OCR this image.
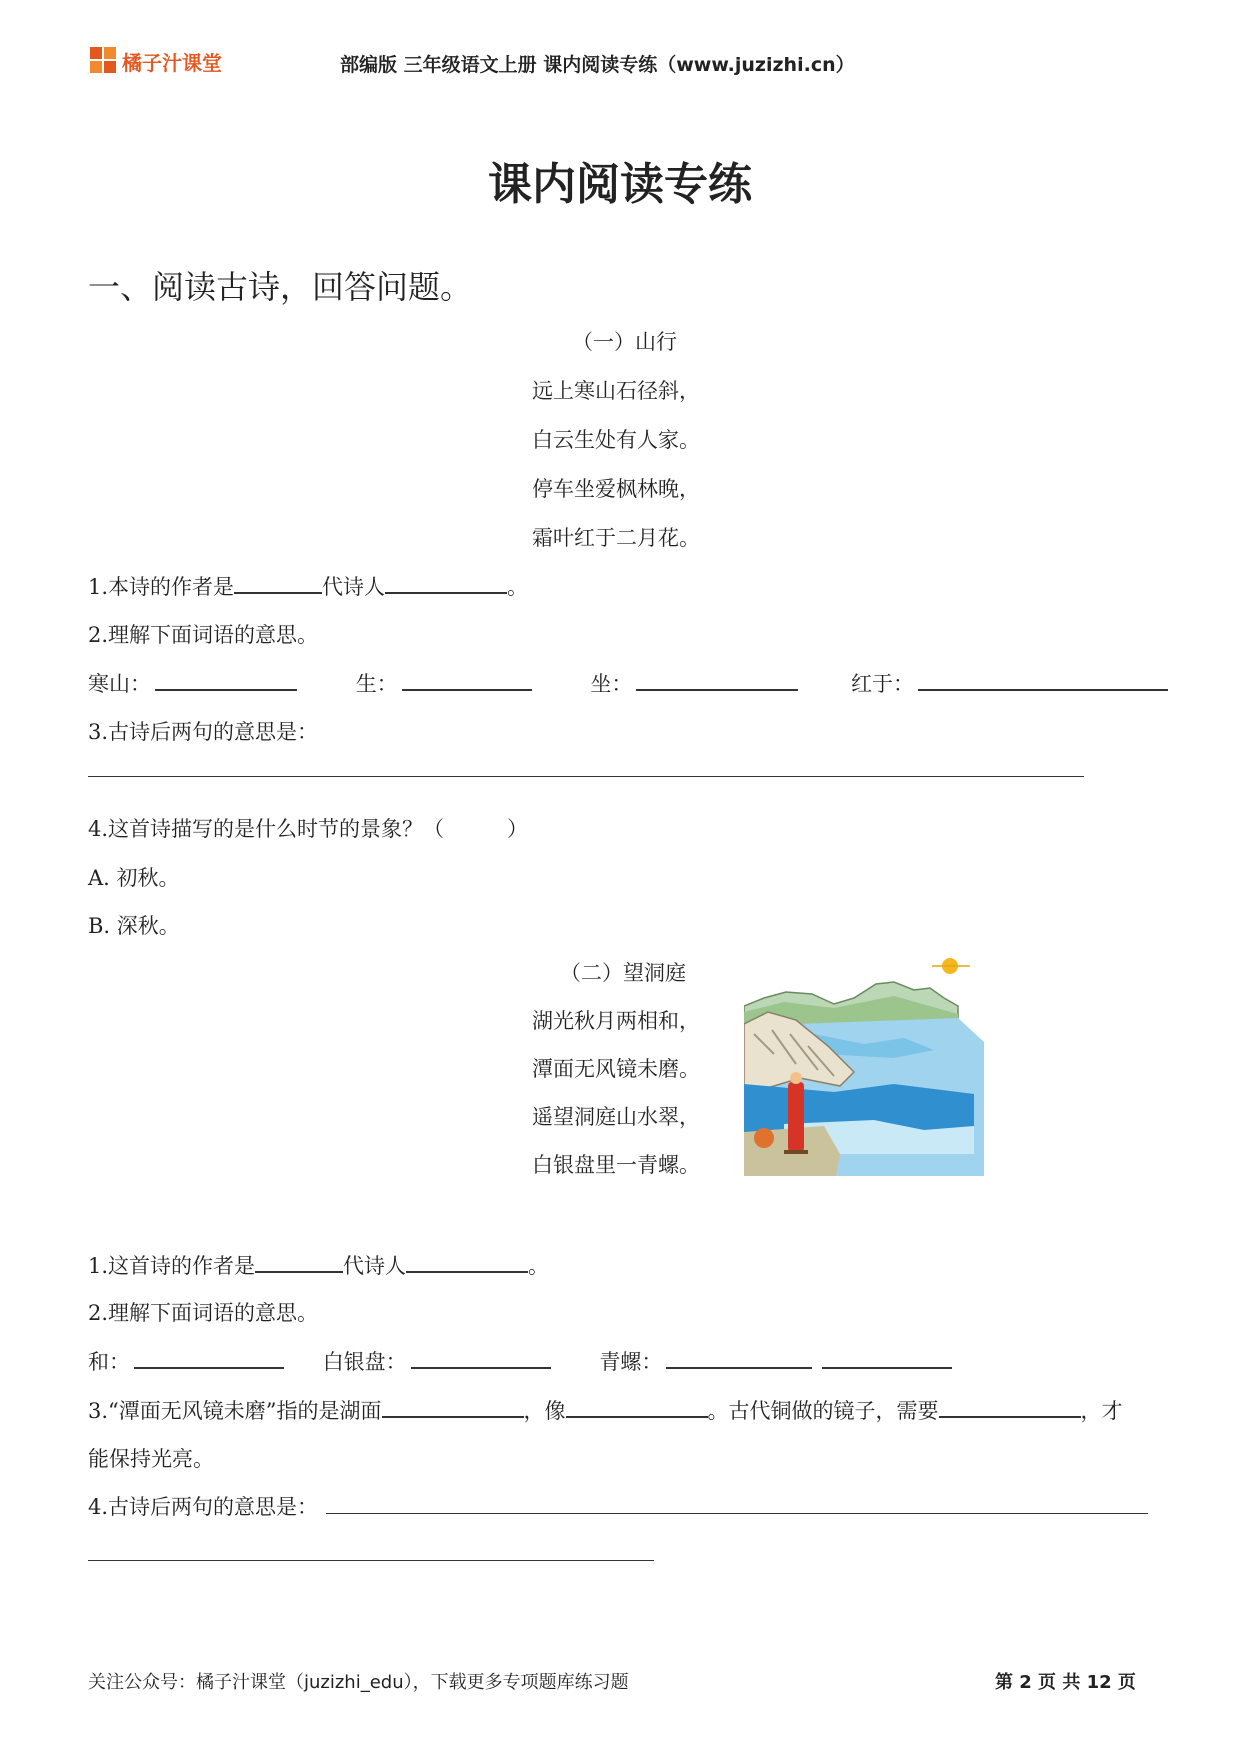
橘子汁课堂	部编版 三年级语文上册 课内阅读专练（www.juzizhi.cn）
课内阅读专练
一、阅读古诗，回答问题。
（一）山行
远上寒山石径斜，
白云生处有人家。
停车坐爱枫林晚，
霜叶红于二月花。
1.本诗的作者是	代诗人	。
2.理解下面词语的意思。
寒山：	生：	坐：	红于：
3.古诗后两句的意思是：
4.这首诗描写的是什么时节的景象？（　　　）
A. 初秋。
B. 深秋。
（二）望洞庭
湖光秋月两相和，
潭面无风镜未磨。
遥望洞庭山水翠，
白银盘里一青螺。
1.这首诗的作者是	代诗人	。
2.理解下面词语的意思。
和：	白银盘：	青螺：
3.“潭面无风镜未磨”指的是湖面	，像	。古代铜做的镜子，需要	，才
能保持光亮。
4.古诗后两句的意思是：
关注公众号：橘子汁课堂（juzizhi_edu），下载更多专项题库练习题	第 2 页 共 12 页
